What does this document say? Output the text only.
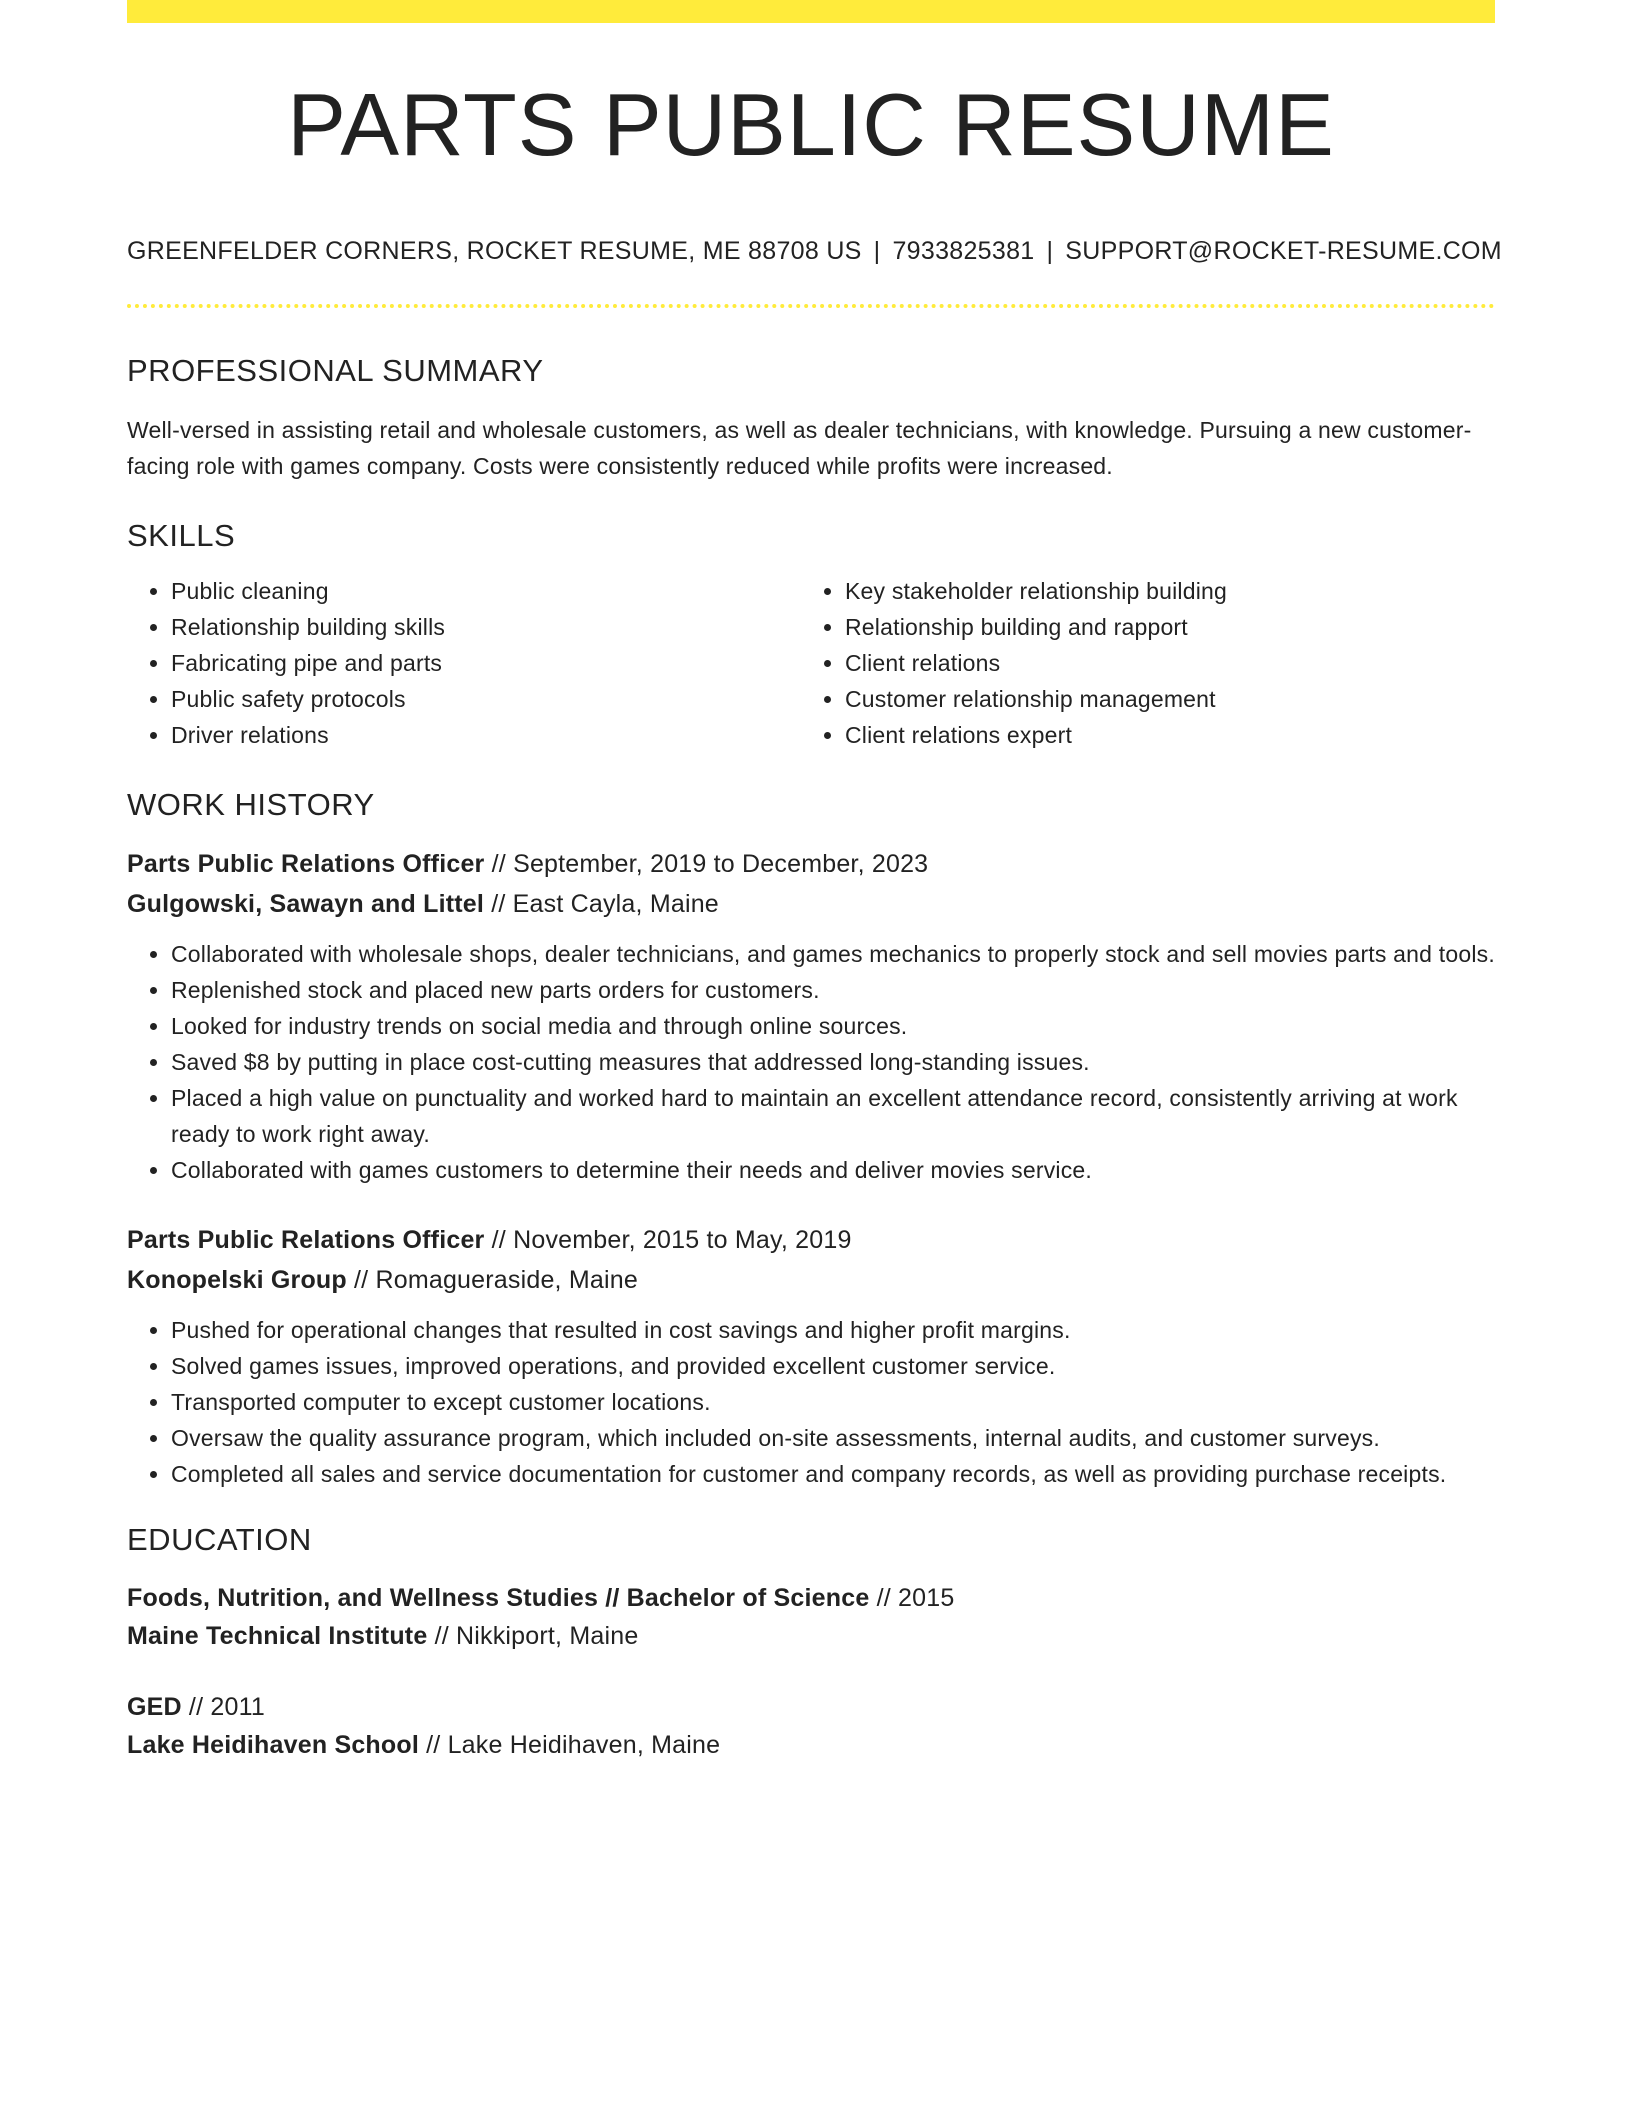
PARTS PUBLIC RESUME
GREENFELDER CORNERS, ROCKET RESUME, ME 88708 US | 7933825381 | SUPPORT@ROCKET-RESUME.COM
PROFESSIONAL SUMMARY
Well-versed in assisting retail and wholesale customers, as well as dealer technicians, with knowledge. Pursuing a new customer-facing role with games company. Costs were consistently reduced while profits were increased.
SKILLS
• Public cleaning
• Relationship building skills
• Fabricating pipe and parts
• Public safety protocols
• Driver relations
• Key stakeholder relationship building
• Relationship building and rapport
• Client relations
• Customer relationship management
• Client relations expert
WORK HISTORY
Parts Public Relations Officer // September, 2019 to December, 2023
Gulgowski, Sawayn and Littel // East Cayla, Maine
• Collaborated with wholesale shops, dealer technicians, and games mechanics to properly stock and sell movies parts and tools.
• Replenished stock and placed new parts orders for customers.
• Looked for industry trends on social media and through online sources.
• Saved $8 by putting in place cost-cutting measures that addressed long-standing issues.
• Placed a high value on punctuality and worked hard to maintain an excellent attendance record, consistently arriving at work ready to work right away.
• Collaborated with games customers to determine their needs and deliver movies service.
Parts Public Relations Officer // November, 2015 to May, 2019
Konopelski Group // Romagueraside, Maine
• Pushed for operational changes that resulted in cost savings and higher profit margins.
• Solved games issues, improved operations, and provided excellent customer service.
• Transported computer to except customer locations.
• Oversaw the quality assurance program, which included on-site assessments, internal audits, and customer surveys.
• Completed all sales and service documentation for customer and company records, as well as providing purchase receipts.
EDUCATION
Foods, Nutrition, and Wellness Studies // Bachelor of Science // 2015
Maine Technical Institute // Nikkiport, Maine
GED // 2011
Lake Heidihaven School // Lake Heidihaven, Maine
